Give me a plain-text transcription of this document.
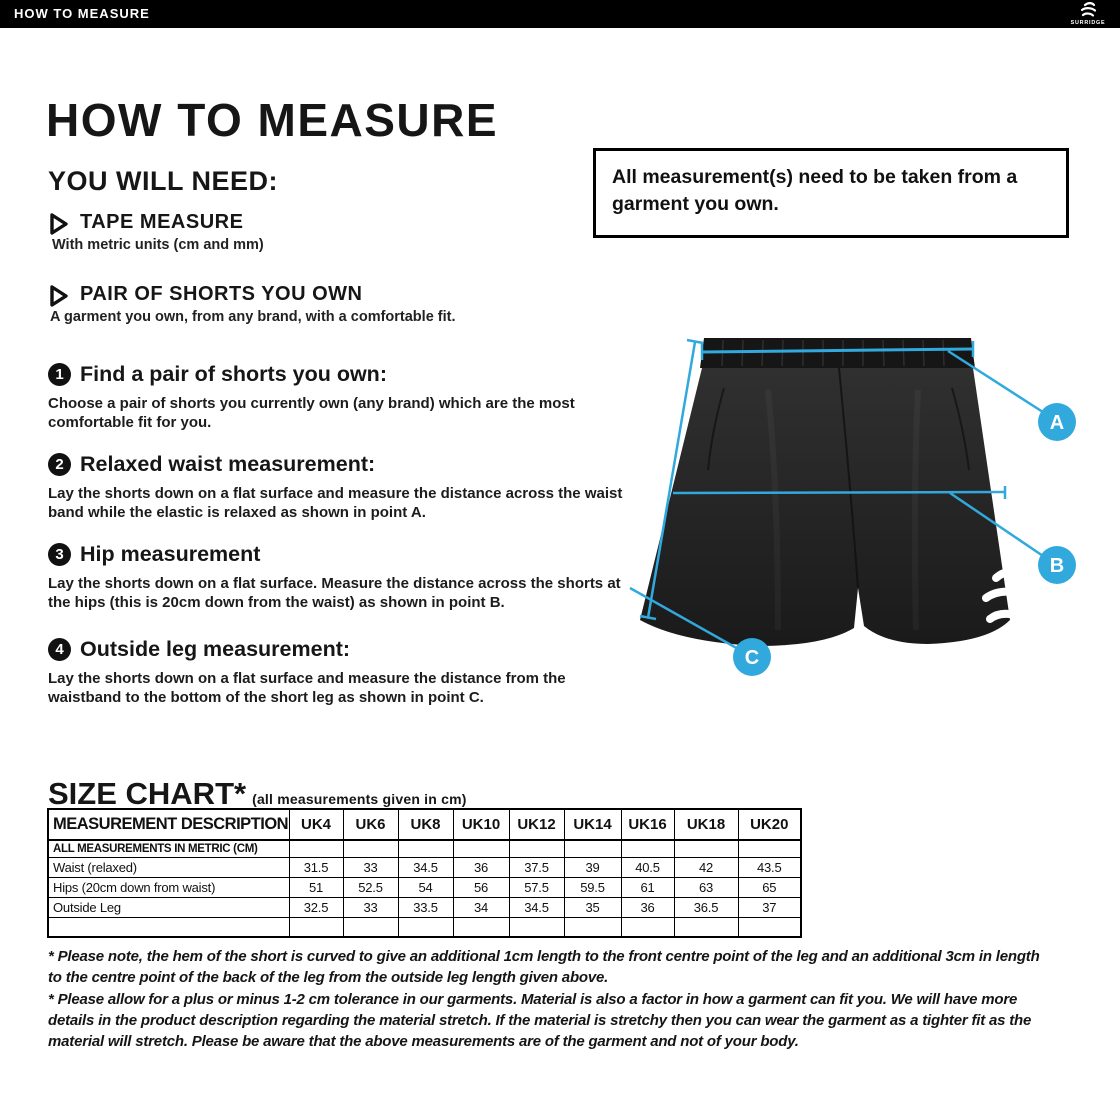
HOW TO MEASURE
SURRIDGE
HOW TO MEASURE
YOU WILL NEED:
TAPE MEASURE
With metric units (cm and mm)
PAIR OF SHORTS YOU OWN
A garment you own, from any brand, with a comfortable fit.
All measurement(s) need to be taken from a garment you own.
1 Find a pair of shorts you own:
Choose a pair of shorts you currently own (any brand) which are the most comfortable fit for you.
2 Relaxed waist measurement:
Lay the shorts down on a flat surface and measure the distance across the waist band while the elastic is relaxed as shown in point A.
3 Hip measurement
Lay the shorts down on a flat surface. Measure the distance across the shorts at the hips (this is 20cm down from the waist) as shown in point B.
4 Outside leg measurement:
Lay the shorts down on a flat surface and measure the distance from the waistband to the bottom of the short leg as shown in point C.
A
B
C
SIZE CHART* (all measurements given in cm)
MEASUREMENT DESCRIPTION	UK4	UK6	UK8	UK10	UK12	UK14	UK16	UK18	UK20
ALL MEASUREMENTS IN METRIC (CM)									
Waist (relaxed)	31.5	33	34.5	36	37.5	39	40.5	42	43.5
Hips (20cm down from waist)	51	52.5	54	56	57.5	59.5	61	63	65
Outside Leg	32.5	33	33.5	34	34.5	35	36	36.5	37

* Please note, the hem of the short is curved to give an additional 1cm length to the front centre point of the leg and an additional 3cm in length to the centre point of the back of the leg from the outside leg length given above.

* Please allow for a plus or minus 1-2 cm tolerance in our garments. Material is also a factor in how a garment can fit you. We will have more details in the product description regarding the material stretch. If the material is stretchy then you can wear the garment as a tighter fit as the material will stretch. Please be aware that the above measurements are of the garment and not of your body.
